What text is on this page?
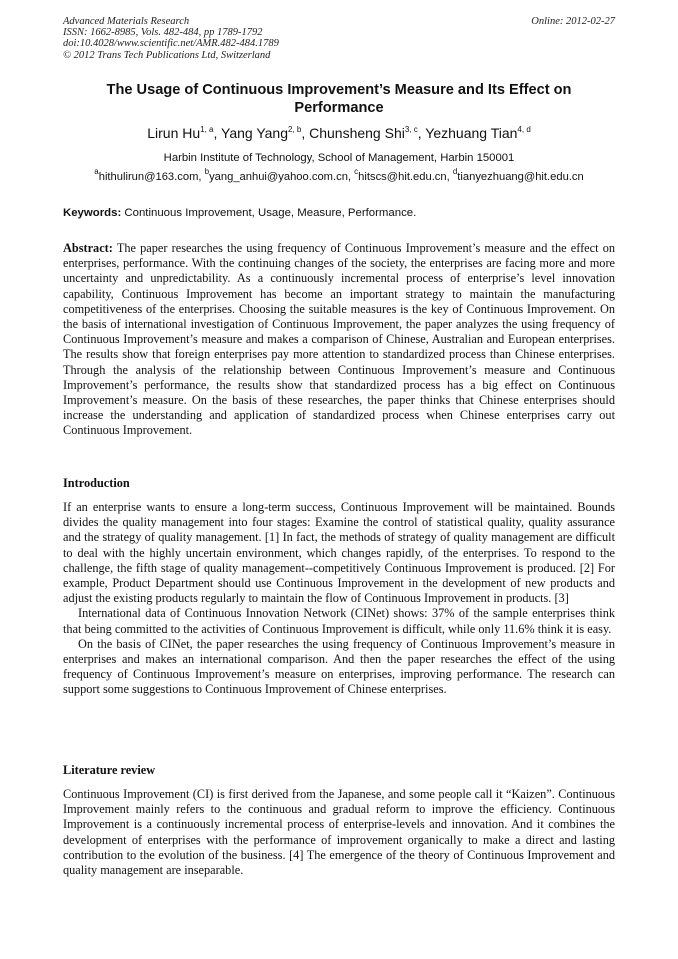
Advanced Materials Research
ISSN: 1662-8985, Vols. 482-484, pp 1789-1792
doi:10.4028/www.scientific.net/AMR.482-484.1789
© 2012 Trans Tech Publications Ltd, Switzerland
Online: 2012-02-27
The Usage of Continuous Improvement’s Measure and Its Effect on Performance
Lirun Hu$^{1, a}$, Yang Yang$^{2, b}$, Chunsheng Shi$^{3, c}$, Yezhuang Tian$^{4, d}$
Harbin Institute of Technology, School of Management, Harbin 150001
$^a$hithulirun@163.com, $^b$yang_anhui@yahoo.com.cn, $^c$hitscs@hit.edu.cn, $^d$tianyezhuang@hit.edu.cn
Keywords: Continuous Improvement, Usage, Measure, Performance.
Abstract: The paper researches the using frequency of Continuous Improvement’s measure and the effect on enterprises, performance. With the continuing changes of the society, the enterprises are facing more and more uncertainty and unpredictability. As a continuously incremental process of enterprise’s level innovation capability, Continuous Improvement has become an important strategy to maintain the manufacturing competitiveness of the enterprises. Choosing the suitable measures is the key of Continuous Improvement. On the basis of international investigation of Continuous Improvement, the paper analyzes the using frequency of Continuous Improvement’s measure and makes a comparison of Chinese, Australian and European enterprises. The results show that foreign enterprises pay more attention to standardized process than Chinese enterprises. Through the analysis of the relationship between Continuous Improvement’s measure and Continuous Improvement’s performance, the results show that standardized process has a big effect on Continuous Improvement’s measure. On the basis of these researches, the paper thinks that Chinese enterprises should increase the understanding and application of standardized process when Chinese enterprises carry out Continuous Improvement.
Introduction
If an enterprise wants to ensure a long-term success, Continuous Improvement will be maintained. Bounds divides the quality management into four stages: Examine the control of statistical quality, quality assurance and the strategy of quality management. [1] In fact, the methods of strategy of quality management are difficult to deal with the highly uncertain environment, which changes rapidly, of the enterprises. To respond to the challenge, the fifth stage of quality management--competitively Continuous Improvement is produced. [2] For example, Product Department should use Continuous Improvement in the development of new products and adjust the existing products regularly to maintain the flow of Continuous Improvement in products. [3]
International data of Continuous Innovation Network (CINet) shows: 37% of the sample enterprises think that being committed to the activities of Continuous Improvement is difficult, while only 11.6% think it is easy.
On the basis of CINet, the paper researches the using frequency of Continuous Improvement’s measure in enterprises and makes an international comparison. And then the paper researches the effect of the using frequency of Continuous Improvement’s measure on enterprises, improving performance. The research can support some suggestions to Continuous Improvement of Chinese enterprises.
Literature review
Continuous Improvement (CI) is first derived from the Japanese, and some people call it “Kaizen”. Continuous Improvement mainly refers to the continuous and gradual reform to improve the efficiency. Continuous Improvement is a continuously incremental process of enterprise-levels and innovation. And it combines the development of enterprises with the performance of improvement organically to make a direct and lasting contribution to the evolution of the business. [4] The emergence of the theory of Continuous Improvement and quality management are inseparable.
